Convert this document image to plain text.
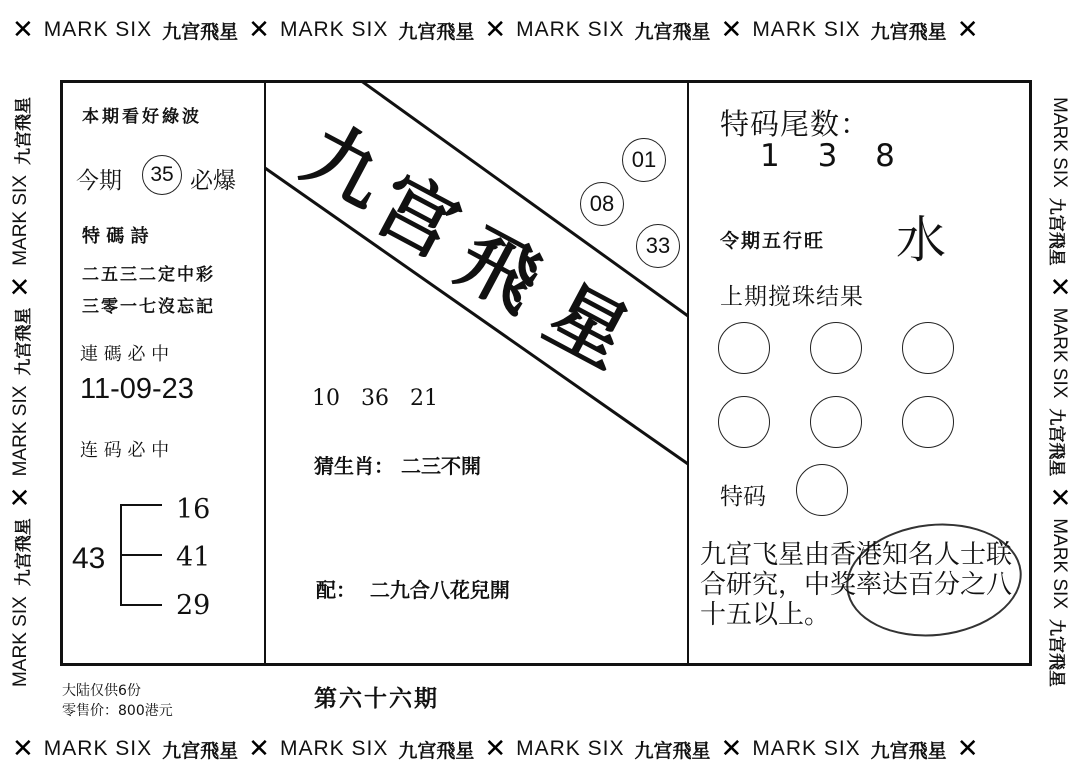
✕ MARK SIX 九宫飛星 ✕ MARK SIX 九宫飛星 ✕ MARK SIX 九宫飛星 ✕ MARK SIX 九宫飛星 ✕
✕ MARK SIX 九宫飛星 ✕ MARK SIX 九宫飛星 ✕ MARK SIX 九宫飛星 ✕ MARK SIX 九宫飛星 ✕
MARK SIX
九宫飛星
✕
MARK SIX
九宫飛星
✕
MARK SIX
九宫飛星	MARK SIX
九宫飛星
✕
MARK SIX
九宫飛星
✕
MARK SIX
九宫飛星
本期看好綠波
今期 35 必爆
特 碼 詩
二五三二定中彩
三零一七沒忘記
連 碼 必 中
11-09-23
连 码 必 中
43
16
41
29
大陆仅供6份
零售价：800港元
九
宫
飛
星
01
08
33
10   36   21
猜生肖： 二三不開
配：  二九合八花兒開
第六十六期
特码尾数：
1 3 8
令期五行旺 水
上期搅珠结果
特码
九宫飞星由香港知名人士联合研究，中奖率达百分之八十五以上。
